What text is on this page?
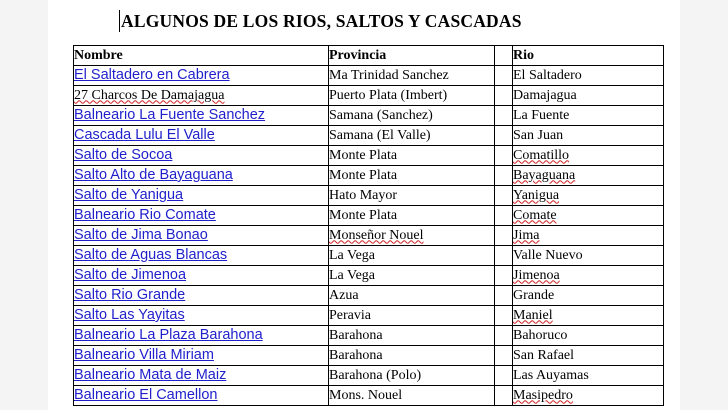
ALGUNOS DE LOS RIOS, SALTOS Y CASCADAS
Nombre	Provincia		Rio
El Saltadero en Cabrera	Ma Trinidad Sanchez		El Saltadero
27 Charcos De Damajagua	Puerto Plata (Imbert)		Damajagua
Balneario La Fuente Sanchez	Samana (Sanchez)		La Fuente
Cascada Lulu El Valle	Samana (El Valle)		San Juan
Salto de Socoa	Monte Plata		Comatillo
Salto Alto de Bayaguana	Monte Plata		Bayaguana
Salto de Yanigua	Hato Mayor		Yanigua
Balneario Rio Comate	Monte Plata		Comate
Salto de Jima Bonao	Monseñor Nouel		Jima
Salto de Aguas Blancas	La Vega		Valle Nuevo
Salto de Jimenoa	La Vega		Jimenoa
Salto Rio Grande	Azua		Grande
Salto Las Yayitas	Peravia		Maniel
Balneario La Plaza Barahona	Barahona		Bahoruco
Balneario Villa Miriam	Barahona		San Rafael
Balneario Mata de Maiz	Barahona (Polo)		Las Auyamas
Balneario El Camellon	Mons. Nouel		Masipedro
